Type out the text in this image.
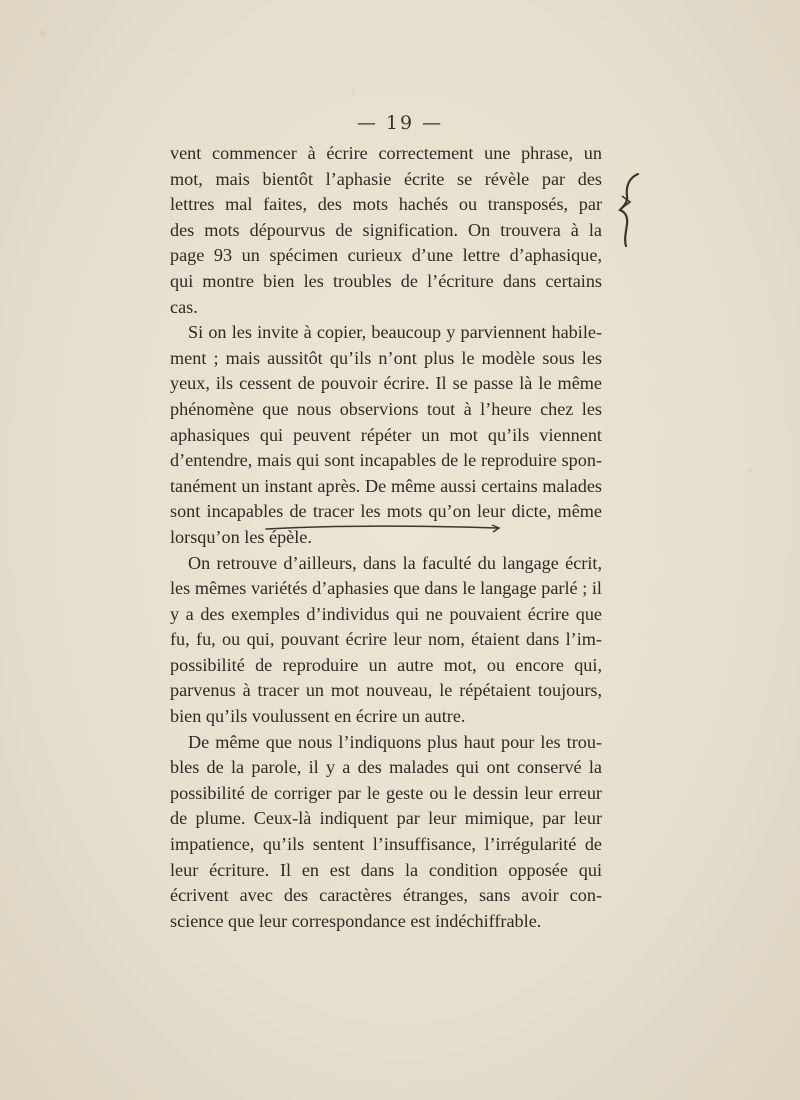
— 19 —

vent commencer à écrire correctement une phrase, un

mot, mais bientôt l’aphasie écrite se révèle par des

lettres mal faites, des mots hachés ou transposés, par

des mots dépourvus de signification. On trouvera à la

page 93 un spécimen curieux d’une lettre d’aphasique,

qui montre bien les troubles de l’écriture dans certains

cas.

Si on les invite à copier, beaucoup y parviennent habile-

ment ; mais aussitôt qu’ils n’ont plus le modèle sous les

yeux, ils cessent de pouvoir écrire. Il se passe là le même

phénomène que nous observions tout à l’heure chez les

aphasiques qui peuvent répéter un mot qu’ils viennent

d’entendre, mais qui sont incapables de le reproduire spon-

tanément un instant après. De même aussi certains malades

sont incapables de tracer les mots qu’on leur dicte, même

lorsqu’on les épèle.

On retrouve d’ailleurs, dans la faculté du langage écrit,

les mêmes variétés d’aphasies que dans le langage parlé ; il

y a des exemples d’individus qui ne pouvaient écrire que

fu, fu, ou qui, pouvant écrire leur nom, étaient dans l’im-

possibilité de reproduire un autre mot, ou encore qui,

parvenus à tracer un mot nouveau, le répétaient toujours,

bien qu’ils voulussent en écrire un autre.

De même que nous l’indiquons plus haut pour les trou-

bles de la parole, il y a des malades qui ont conservé la

possibilité de corriger par le geste ou le dessin leur erreur

de plume. Ceux-là indiquent par leur mimique, par leur

impatience, qu’ils sentent l’insuffisance, l’irrégularité de

leur écriture. Il en est dans la condition opposée qui

écrivent avec des caractères étranges, sans avoir con-

science que leur correspondance est indéchiffrable.
